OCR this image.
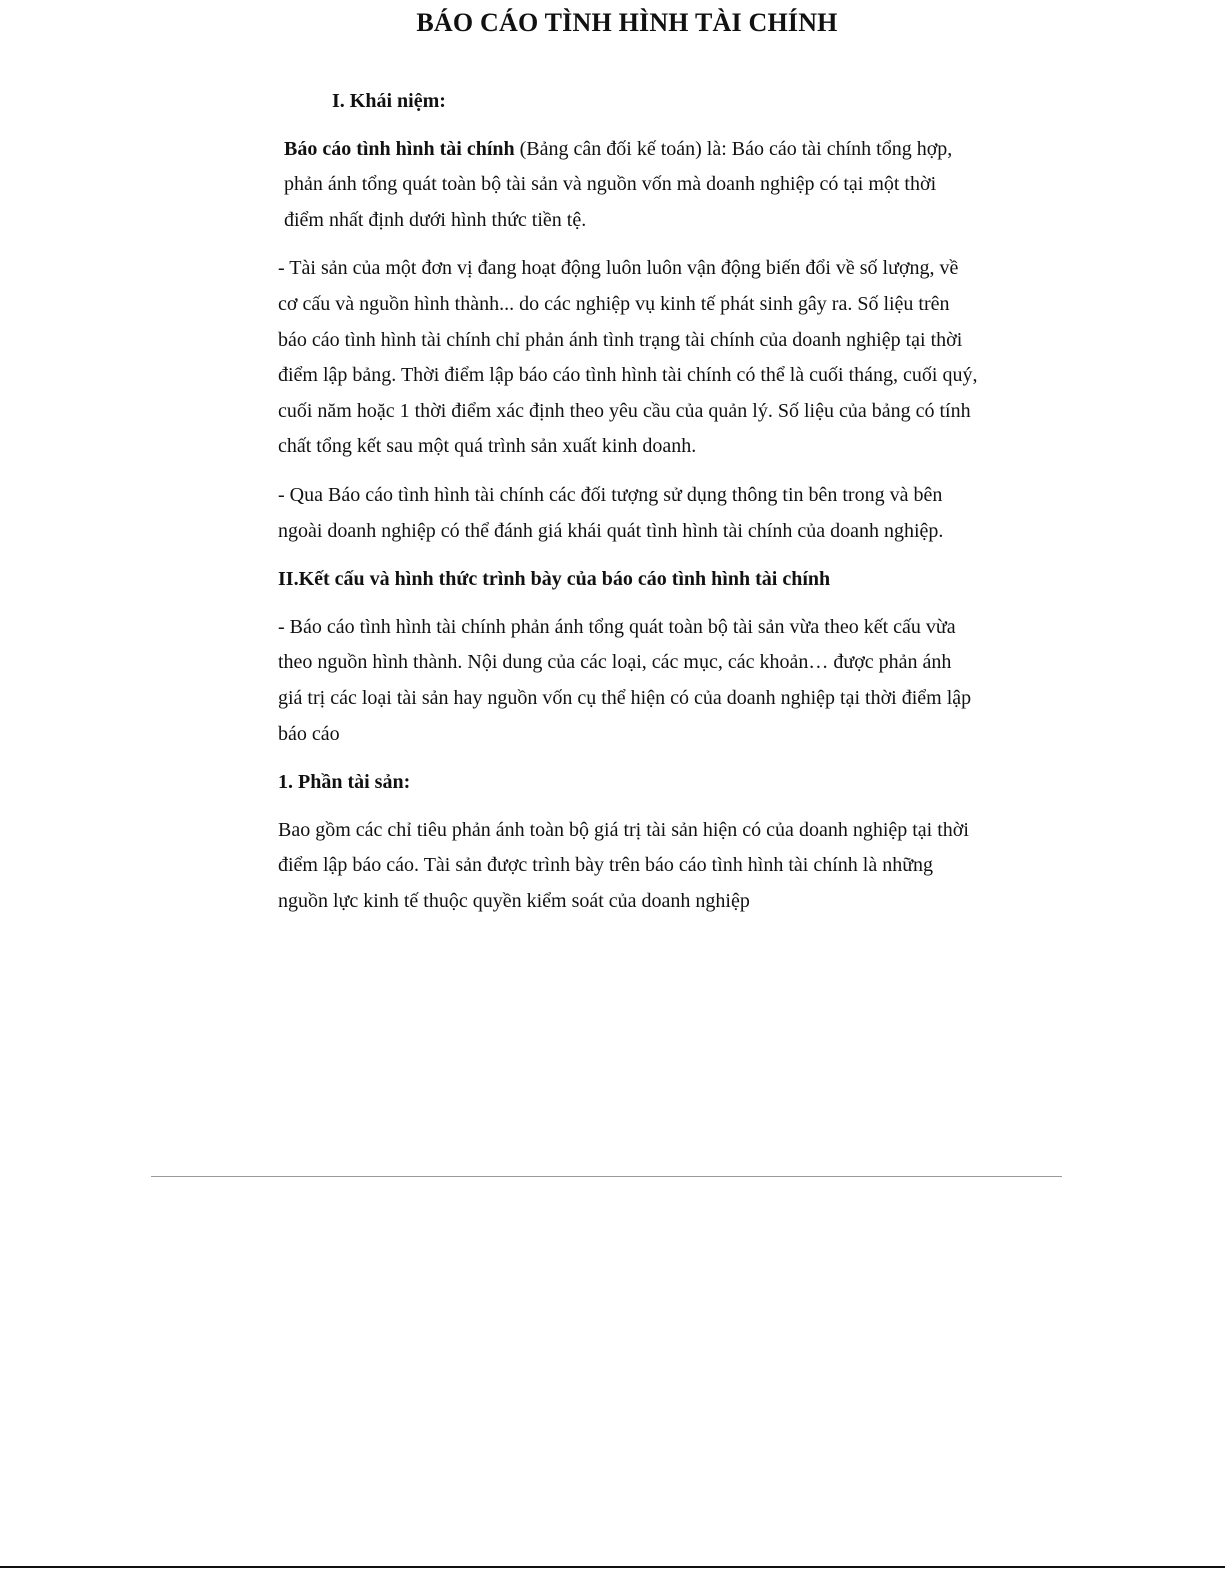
BÁO CÁO TÌNH HÌNH TÀI CHÍNH

I. Khái niệm:

Báo cáo tình hình tài chính (Bảng cân đối kế toán) là: Báo cáo tài chính tổng hợp, phản ánh tổng quát toàn bộ tài sản và nguồn vốn mà doanh nghiệp có tại một thời điểm nhất định dưới hình thức tiền tệ.

- Tài sản của một đơn vị đang hoạt động luôn luôn vận động biến đổi về số lượng, về cơ cấu và nguồn hình thành... do các nghiệp vụ kinh tế phát sinh gây ra. Số liệu trên báo cáo tình hình tài chính chỉ phản ánh tình trạng tài chính của doanh nghiệp tại thời điểm lập bảng. Thời điểm lập báo cáo tình hình tài chính có thể là cuối tháng, cuối quý, cuối năm hoặc 1 thời điểm xác định theo yêu cầu của quản lý. Số liệu của bảng có tính chất tổng kết sau một quá trình sản xuất kinh doanh.

- Qua Báo cáo tình hình tài chính các đối tượng sử dụng thông tin bên trong và bên ngoài doanh nghiệp có thể đánh giá khái quát tình hình tài chính của doanh nghiệp.

II.Kết cấu và hình thức trình bày của báo cáo tình hình tài chính

- Báo cáo tình hình tài chính phản ánh tổng quát toàn bộ tài sản vừa theo kết cấu vừa theo nguồn hình thành. Nội dung của các loại, các mục, các khoản… được phản ánh giá trị các loại tài sản hay nguồn vốn cụ thể hiện có của doanh nghiệp tại thời điểm lập báo cáo

1. Phần tài sản:

Bao gồm các chỉ tiêu phản ánh toàn bộ giá trị tài sản hiện có của doanh nghiệp tại thời điểm lập báo cáo. Tài sản được trình bày trên báo cáo tình hình tài chính là những nguồn lực kinh tế thuộc quyền kiểm soát của doanh nghiệp
